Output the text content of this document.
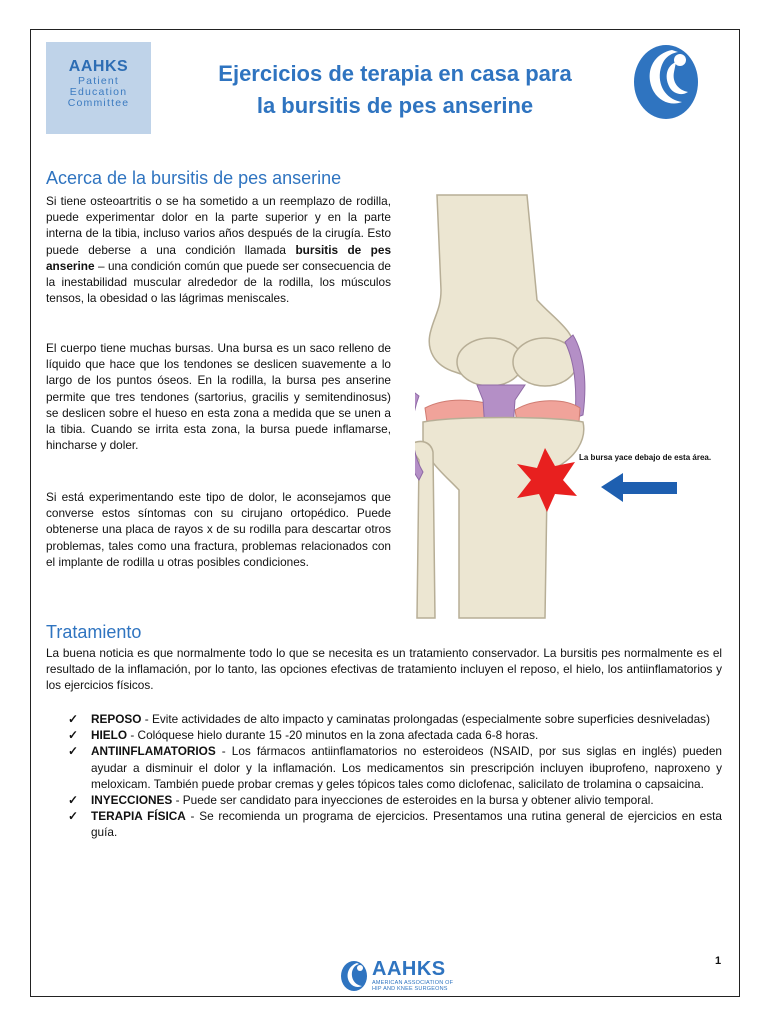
AAHKS
Patient
Education
Committee
Ejercicios de terapia en casa para
la bursitis de pes anserine
Acerca de la bursitis de pes anserine
Si tiene osteoartritis o se ha sometido a un reemplazo de rodilla, puede experimentar dolor en la parte superior y en la parte interna de la tibia, incluso varios años después de la cirugía. Esto puede deberse a una condición llamada bursitis de pes anserine – una condición común que puede ser consecuencia de la inestabilidad muscular alrededor de la rodilla, los músculos tensos, la obesidad o las lágrimas meniscales.
El cuerpo tiene muchas bursas. Una bursa es un saco relleno de líquido que hace que los tendones se deslicen suavemente a lo largo de los puntos óseos. En la rodilla, la bursa pes anserine permite que tres tendones (sartorius, gracilis y semitendinosus) se deslicen sobre el hueso en esta zona a medida que se unen a la tibia. Cuando se irrita esta zona, la bursa puede inflamarse, hincharse y doler.
Si está experimentando este tipo de dolor, le aconsejamos que converse estos síntomas con su cirujano ortopédico. Puede obtenerse una placa de rayos x de su rodilla para descartar otros problemas, tales como una fractura, problemas relacionados con el implante de rodilla u otras posibles condiciones.
La bursa yace debajo de esta área.
Tratamiento
La buena noticia es que normalmente todo lo que se necesita es un tratamiento conservador. La bursitis pes normalmente es el resultado de la inflamación, por lo tanto, las opciones efectivas de tratamiento incluyen el reposo, el hielo, los antiinflamatorios y los ejercicios físicos.
✓ REPOSO - Evite actividades de alto impacto y caminatas prolongadas (especialmente sobre superficies desniveladas)
✓ HIELO - Colóquese hielo durante 15 -20 minutos en la zona afectada cada 6-8 horas.
✓ ANTIINFLAMATORIOS - Los fármacos antiinflamatorios no esteroideos (NSAID, por sus siglas en inglés) pueden ayudar a disminuir el dolor y la inflamación. Los medicamentos sin prescripción incluyen ibuprofeno, naproxeno y meloxicam. También puede probar cremas y geles tópicos tales como diclofenac, salicilato de trolamina o capsaicina.
✓ INYECCIONES - Puede ser candidato para inyecciones de esteroides en la bursa y obtener alivio temporal.
✓ TERAPIA FÍSICA - Se recomienda un programa de ejercicios. Presentamos una rutina general de ejercicios en esta guía.
1
AAHKS
AMERICAN ASSOCIATION OF
HIP AND KNEE SURGEONS
